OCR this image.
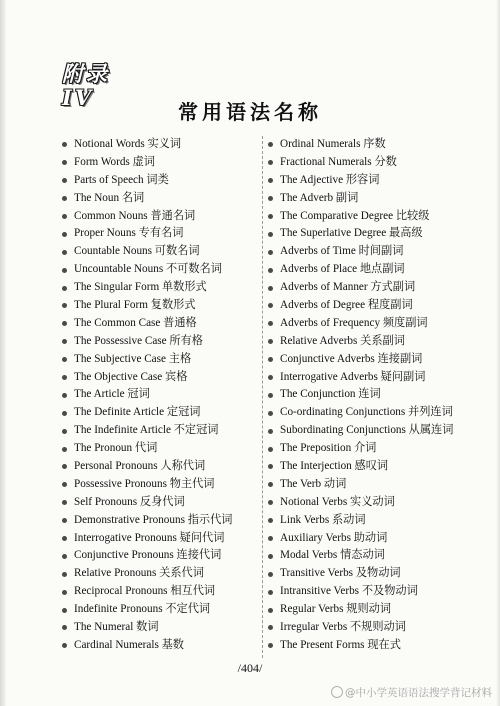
附录IV
常用语法名称
Notional Words 实义词
Form Words 虚词
Parts of Speech 词类
The Noun 名词
Common Nouns 普通名词
Proper Nouns 专有名词
Countable Nouns 可数名词
Uncountable Nouns 不可数名词
The Singular Form 单数形式
The Plural Form 复数形式
The Common Case 普通格
The Possessive Case 所有格
The Subjective Case 主格
The Objective Case 宾格
The Article 冠词
The Definite Article 定冠词
The Indefinite Article 不定冠词
The Pronoun 代词
Personal Pronouns 人称代词
Possessive Pronouns 物主代词
Self Pronouns 反身代词
Demonstrative Pronouns 指示代词
Interrogative Pronouns 疑问代词
Conjunctive Pronouns 连接代词
Relative Pronouns 关系代词
Reciprocal Pronouns 相互代词
Indefinite Pronouns 不定代词
The Numeral 数词
Cardinal Numerals 基数
Ordinal Numerals 序数
Fractional Numerals 分数
The Adjective 形容词
The Adverb 副词
The Comparative Degree 比较级
The Superlative Degree 最高级
Adverbs of Time 时间副词
Adverbs of Place 地点副词
Adverbs of Manner 方式副词
Adverbs of Degree 程度副词
Adverbs of Frequency 频度副词
Relative Adverbs 关系副词
Conjunctive Adverbs 连接副词
Interrogative Adverbs 疑问副词
The Conjunction 连词
Co-ordinating Conjunctions 并列连词
Subordinating Conjunctions 从属连词
The Preposition 介词
The Interjection 感叹词
The Verb 动词
Notional Verbs 实义动词
Link Verbs 系动词
Auxiliary Verbs 助动词
Modal Verbs 情态动词
Transitive Verbs 及物动词
Intransitive Verbs 不及物动词
Regular Verbs 规则动词
Irregular Verbs 不规则动词
The Present Forms 现在式
/404/
@中小学英语语法搜学背记材料
